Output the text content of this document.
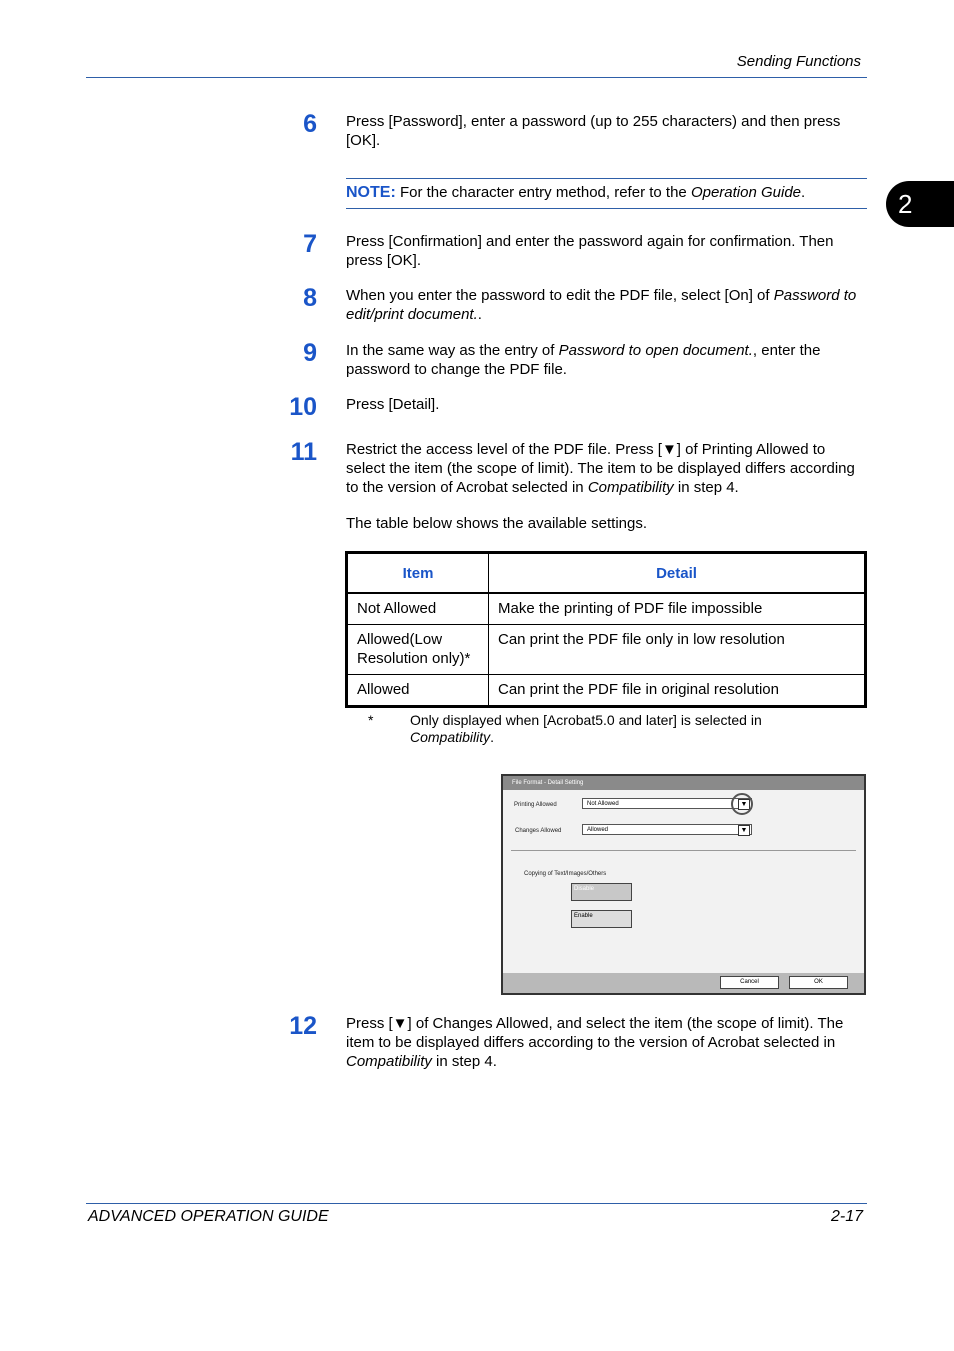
Sending Functions
2
6 Press [Password], enter a password (up to 255 characters) and then press [OK].
NOTE: For the character entry method, refer to the Operation Guide.
7 Press [Confirmation] and enter the password again for confirmation. Then press [OK].
8 When you enter the password to edit the PDF file, select [On] of Password to edit/print document..
9 In the same way as the entry of Password to open document., enter the password to change the PDF file.
10 Press [Detail].
11 Restrict the access level of the PDF file. Press [▼] of Printing Allowed to select the item (the scope of limit). The item to be displayed differs according to the version of Acrobat selected in Compatibility in step 4.
The table below shows the available settings.
Item	Detail
Not Allowed	Make the printing of PDF file impossible
Allowed(Low Resolution only)*	Can print the PDF file only in low resolution
Allowed	Can print the PDF file in original resolution
*	Only displayed when [Acrobat5.0 and later] is selected in Compatibility.
File Format - Detail Setting
Printing Allowed	Not Allowed	▼
Changes Allowed	Allowed	▼
Copying of Text/Images/Others
Disable
Enable
Cancel	OK
12 Press [▼] of Changes Allowed, and select the item (the scope of limit). The item to be displayed differs according to the version of Acrobat selected in Compatibility in step 4.
ADVANCED OPERATION GUIDE	2-17
